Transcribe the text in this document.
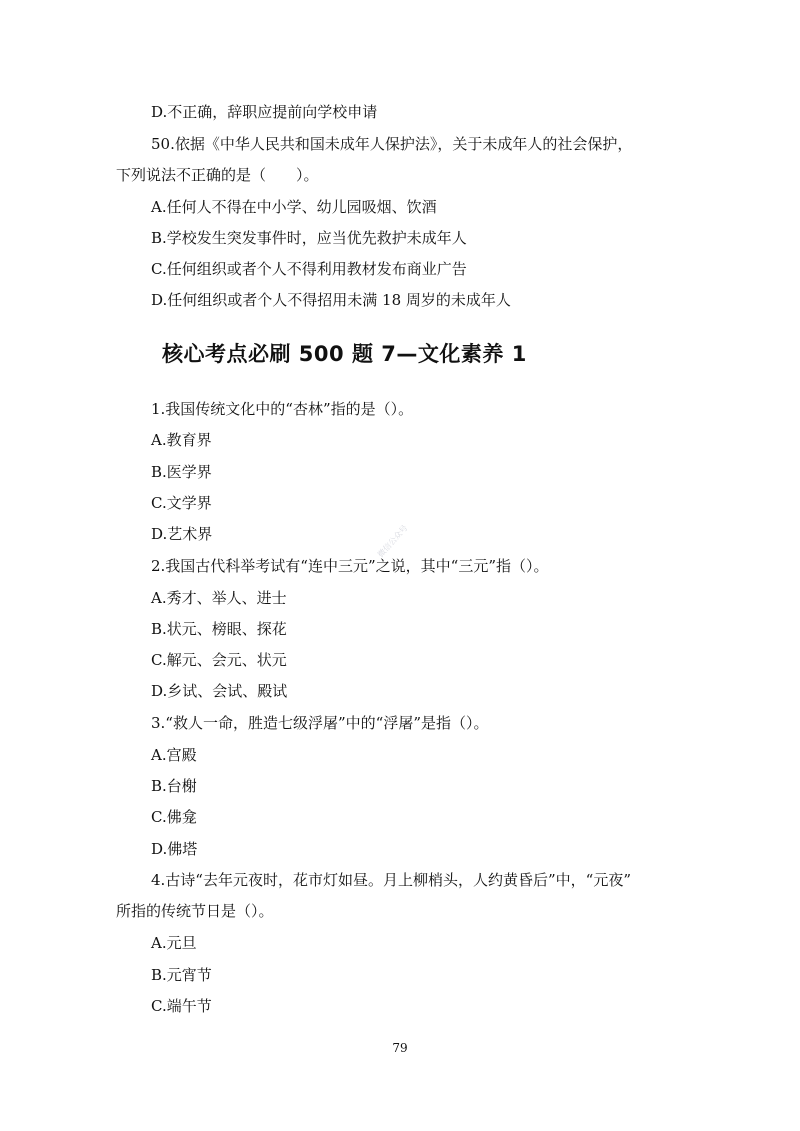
D.不正确，辞职应提前向学校申请
50.依据《中华人民共和国未成年人保护法》，关于未成年人的社会保护，
下列说法不正确的是（　　）。
A.任何人不得在中小学、幼儿园吸烟、饮酒
B.学校发生突发事件时，应当优先救护未成年人
C.任何组织或者个人不得利用教材发布商业广告
D.任何组织或者个人不得招用未满 18 周岁的未成年人
核心考点必刷 500 题 7—文化素养 1
1.我国传统文化中的“杏林”指的是（）。
A.教育界
B.医学界
C.文学界
D.艺术界
2.我国古代科举考试有“连中三元”之说，其中“三元”指（）。
A.秀才、举人、进士
B.状元、榜眼、探花
C.解元、会元、状元
D.乡试、会试、殿试
3.“救人一命，胜造七级浮屠”中的“浮屠”是指（）。
A.宫殿
B.台榭
C.佛龛
D.佛塔
4.古诗“去年元夜时，花市灯如昼。月上柳梢头，人约黄昏后”中，“元夜”
所指的传统节日是（）。
A.元旦
B.元宵节
C.端午节
微信公众号
79
